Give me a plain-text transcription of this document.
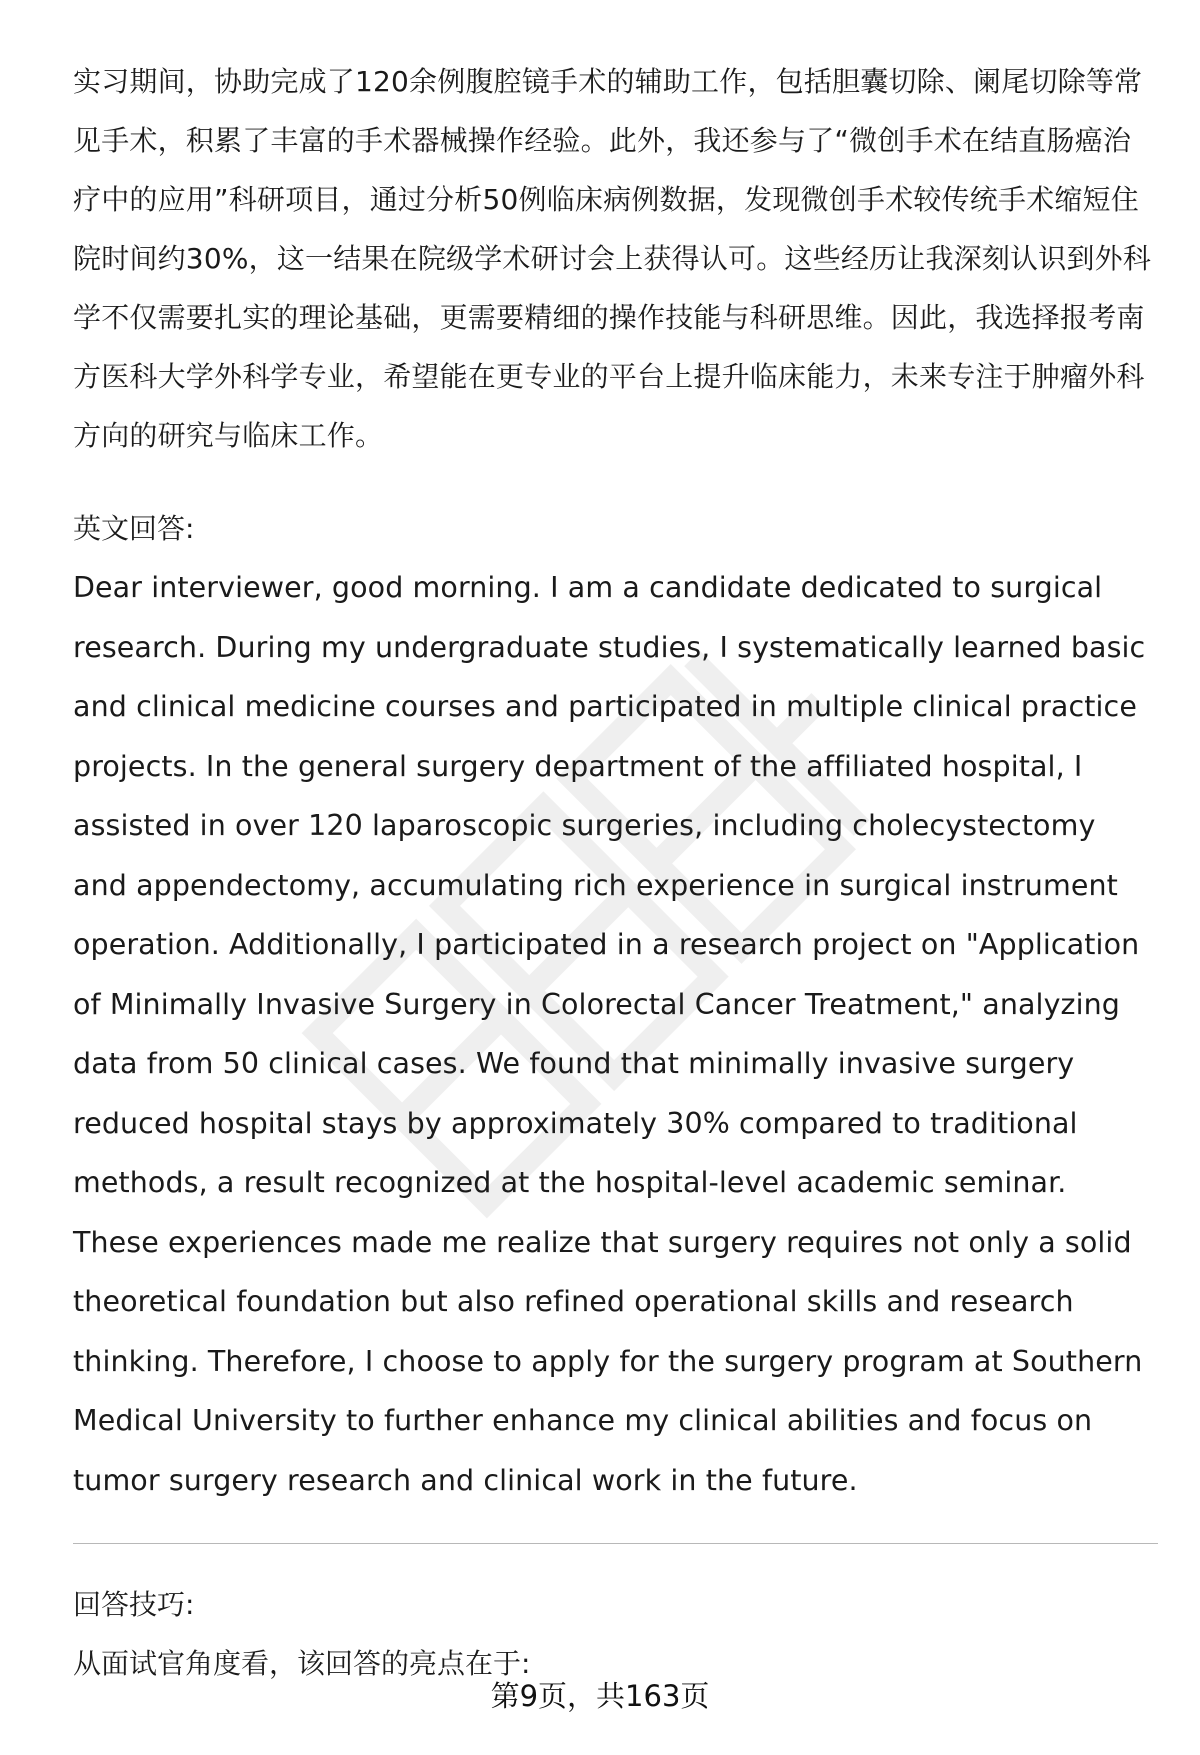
实习期间，协助完成了120余例腹腔镜手术的辅助工作，包括胆囊切除、阑尾切除等常见手术，积累了丰富的手术器械操作经验。此外，我还参与了“微创手术在结直肠癌治疗中的应用”科研项目，通过分析50例临床病例数据，发现微创手术较传统手术缩短住院时间约30%，这一结果在院级学术研讨会上获得认可。这些经历让我深刻认识到外科学不仅需要扎实的理论基础，更需要精细的操作技能与科研思维。因此，我选择报考南方医科大学外科学专业，希望能在更专业的平台上提升临床能力，未来专注于肿瘤外科方向的研究与临床工作。

英文回答:

Dear interviewer, good morning. I am a candidate dedicated to surgical research. During my undergraduate studies, I systematically learned basic and clinical medicine courses and participated in multiple clinical practice projects. In the general surgery department of the affiliated hospital, I assisted in over 120 laparoscopic surgeries, including cholecystectomy and appendectomy, accumulating rich experience in surgical instrument operation. Additionally, I participated in a research project on "Application of Minimally Invasive Surgery in Colorectal Cancer Treatment," analyzing data from 50 clinical cases. We found that minimally invasive surgery reduced hospital stays by approximately 30% compared to traditional methods, a result recognized at the hospital-level academic seminar. These experiences made me realize that surgery requires not only a solid theoretical foundation but also refined operational skills and research thinking. Therefore, I choose to apply for the surgery program at Southern Medical University to further enhance my clinical abilities and focus on tumor surgery research and clinical work in the future.

回答技巧:

从面试官角度看，该回答的亮点在于:

第9页，共163页
